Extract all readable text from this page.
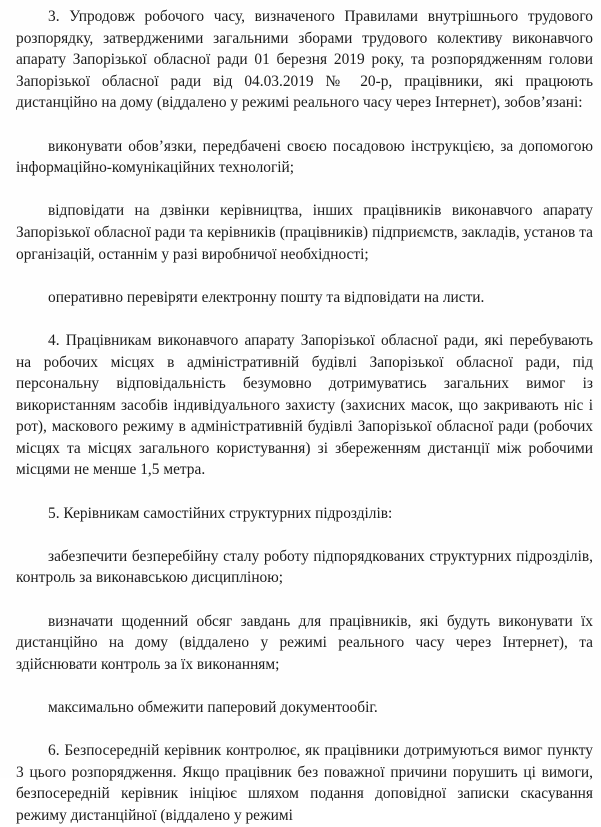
3. Упродовж робочого часу, визначеного Правилами внутрішнього трудового розпорядку, затвердженими загальними зборами трудового колективу виконавчого апарату Запорізької обласної ради 01 березня 2019 року, та розпорядженням голови Запорізької обласної ради від 04.03.2019 № 20-р, працівники, які працюють дистанційно на дому (віддалено у режимі реального часу через Інтернет), зобов’язані:

виконувати обов’язки, передбачені своєю посадовою інструкцією, за допомогою інформаційно-комунікаційних технологій;

відповідати на дзвінки керівництва, інших працівників виконавчого апарату Запорізької обласної ради та керівників (працівників) підприємств, закладів, установ та організацій, останнім у разі виробничої необхідності;

оперативно перевіряти електронну пошту та відповідати на листи.

4. Працівникам виконавчого апарату Запорізької обласної ради, які перебувають на робочих місцях в адміністративній будівлі Запорізької обласної ради, під персональну відповідальність безумовно дотримуватись загальних вимог із використанням засобів індивідуального захисту (захисних масок, що закривають ніс і рот), маскового режиму в адміністративній будівлі Запорізької обласної ради (робочих місцях та місцях загального користування) зі збереженням дистанції між робочими місцями не менше 1,5 метра.

5. Керівникам самостійних структурних підрозділів:

забезпечити безперебійну сталу роботу підпорядкованих структурних підрозділів, контроль за виконавською дисципліною;

визначати щоденний обсяг завдань для працівників, які будуть виконувати їх дистанційно на дому (віддалено у режимі реального часу через Інтернет), та здійснювати контроль за їх виконанням;

максимально обмежити паперовий документообіг.

6. Безпосередній керівник контролює, як працівники дотримуються вимог пункту 3 цього розпорядження. Якщо працівник без поважної причини порушить ці вимоги, безпосередній керівник ініціює шляхом подання доповідної записки скасування режиму дистанційної (віддалено у режимі
